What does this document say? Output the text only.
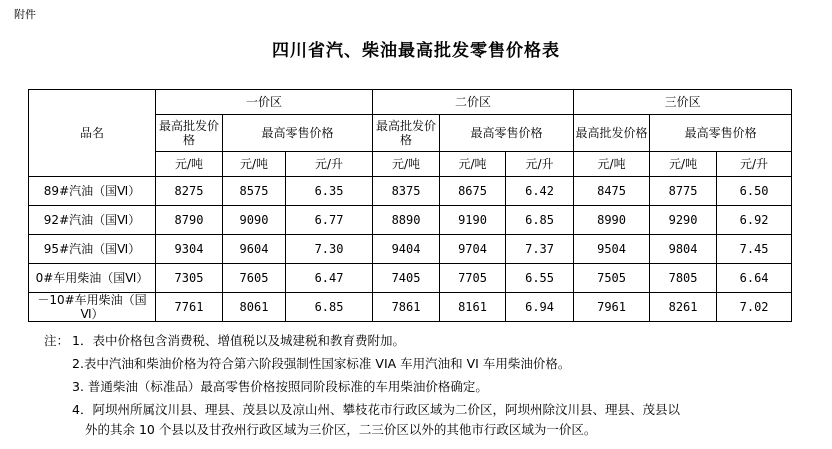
附件
四川省汽、柴油最高批发零售价格表
品名	一价区			二价区			三价区		
	最高批发价格	最高零售价格		最高批发价格	最高零售价格		最高批发价格	最高零售价格	
	元/吨	元/吨	元/升	元/吨	元/吨	元/升	元/吨	元/吨	元/升
89#汽油（国Ⅵ）	8275	8575	6.35	8375	8675	6.42	8475	8775	6.50
92#汽油（国Ⅵ）	8790	9090	6.77	8890	9190	6.85	8990	9290	6.92
95#汽油（国Ⅵ）	9304	9604	7.30	9404	9704	7.37	9504	9804	7.45
0#车用柴油（国Ⅵ）	7305	7605	6.47	7405	7705	6.55	7505	7805	6.64
－10#车用柴油（国Ⅵ）	7761	8061	6.85	7861	8161	6.94	7961	8261	7.02
注： 1．表中价格包含消费税、增值税以及城建税和教育费附加。
2.表中汽油和柴油价格为符合第六阶段强制性国家标准 VIA 车用汽油和 VI 车用柴油价格。
3. 普通柴油（标准品）最高零售价格按照同阶段标准的车用柴油价格确定。
4．阿坝州所属汶川县、理县、茂县以及凉山州、攀枝花市行政区域为二价区，阿坝州除汶川县、理县、茂县以
外的其余 10 个县以及甘孜州行政区域为三价区，二三价区以外的其他市行政区域为一价区。
